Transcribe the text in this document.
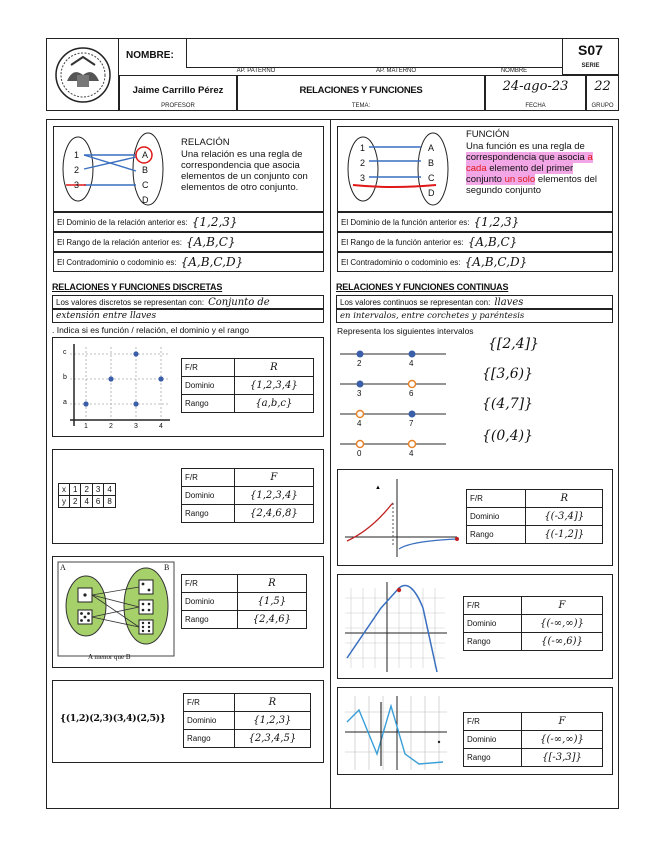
NOMBRE:
AP. PATERNO	AP. MATERNO	NOMBRE
S07
SERIE
Jaime Carrillo Pérez
PROFESOR
RELACIONES Y FUNCIONES
TEMA:
24-ago-23
FECHA
22
GRUPO
1
2
3
A
B
C
D
RELACIÓN
Una relación es una regla de correspondencia que asocia elementos de un conjunto con elementos de otro conjunto.
El Dominio de la relación anterior es: {1,2,3}
El Rango de la relación anterior es: {A,B,C}
El Contradominio o codominio es: {A,B,C,D}
1
2
3
A
B
C
D
FUNCIÓN
Una función es una regla de correspondencia que asocia a cada elemento del primer conjunto un solo elementos del segundo conjunto
El Dominio de la función anterior es: {1,2,3}
El Rango de la función anterior es: {A,B,C}
El Contradominio o codominio es: {A,B,C,D}
RELACIONES Y FUNCIONES DISCRETAS
Los valores discretos se representan con: Conjunto de
extensión entre llaves
. Indica si es función / relación, el dominio y el rango
c
b
a
1	2	3	4
F/R	R
Dominio	{1,2,3,4}
Rango	{a,b,c}
x	1	2	3	4
y	2	4	6	8
F/R	F
Dominio	{1,2,3,4}
Rango	{2,4,6,8}
A	B
A menor que B
F/R	R
Dominio	{1,5}
Rango	{2,4,6}
{(1,2)(2,3)(3,4)(2,5)}
F/R	R
Dominio	{1,2,3}
Rango	{2,3,4,5}
RELACIONES Y FUNCIONES CONTINUAS
Los valores continuos se representan con: llaves
en intervalos, entre corchetes y paréntesis
Representa los siguientes intervalos
2	4
3	6
4	7
0	4
{[2,4]}
{[3,6)}
{(4,7]}
{(0,4)}
▲
F/R	R
Dominio	{(-3,4]}
Rango	{(-1,2]}
F/R	F
Dominio	{(-∞,∞)}
Rango	{(-∞,6)}
F/R	F
Dominio	{(-∞,∞)}
Rango	{[-3,3]}
